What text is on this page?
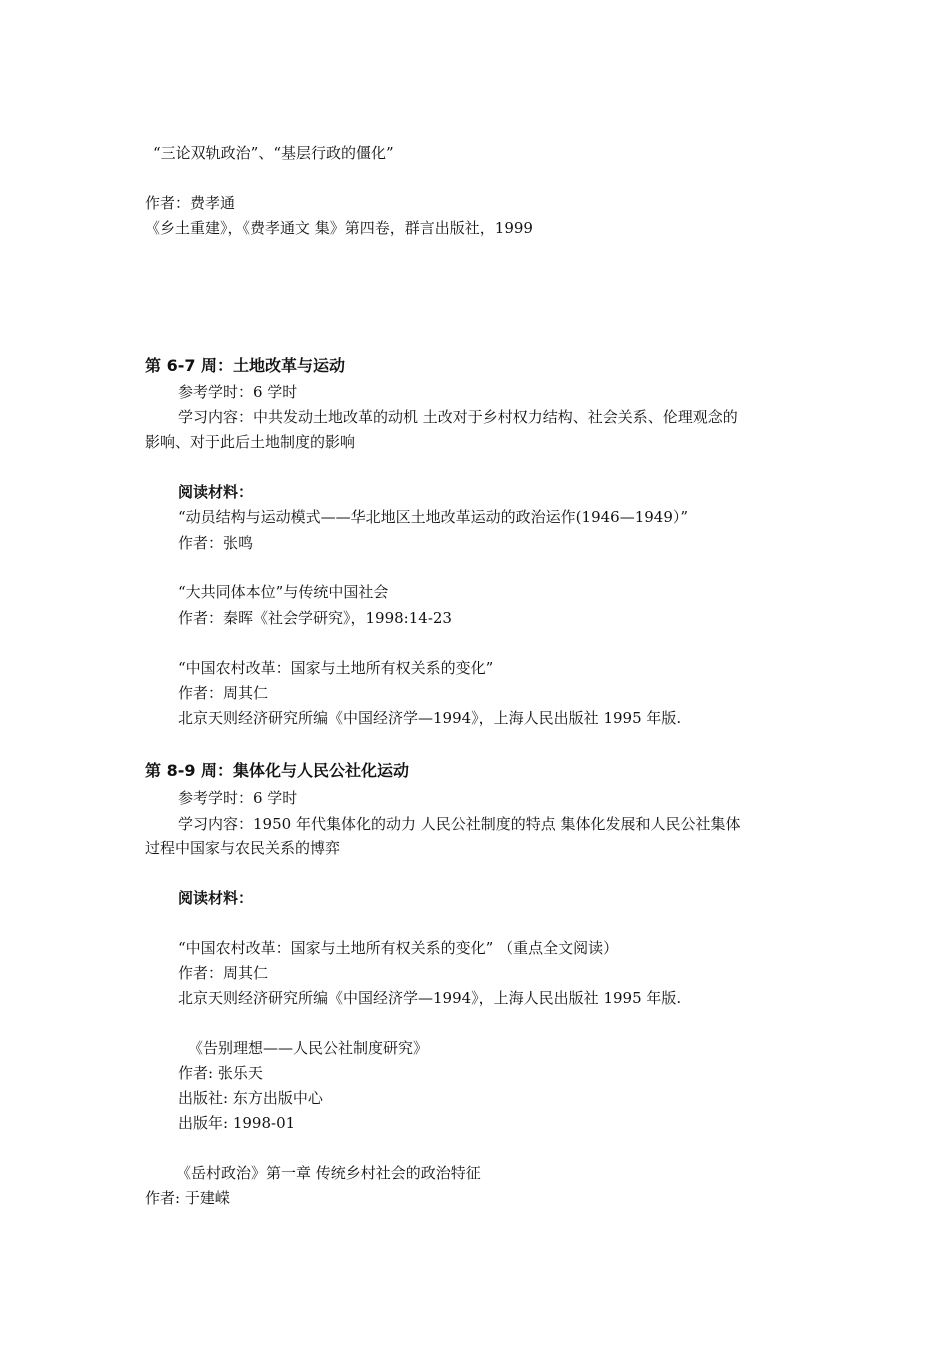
“三论双轨政治”、“基层行政的僵化”
作者：费孝通
《乡土重建》，《费孝通文 集》第四卷，群言出版社，1999
第 6-7 周：土地改革与运动
参考学时：6 学时
学习内容：中共发动土地改革的动机 土改对于乡村权力结构、社会关系、伦理观念的
影响、对于此后土地制度的影响
阅读材料：
“动员结构与运动模式——华北地区土地改革运动的政治运作(1946—1949）”
作者：张鸣
“大共同体本位”与传统中国社会
作者：秦晖《社会学研究》，1998:14-23
“中国农村改革：国家与土地所有权关系的变化”
作者：周其仁
北京天则经济研究所编《中国经济学—1994》，上海人民出版社 1995 年版.
第 8-9 周：集体化与人民公社化运动
参考学时：6 学时
学习内容：1950 年代集体化的动力 人民公社制度的特点 集体化发展和人民公社集体
过程中国家与农民关系的博弈
阅读材料：
“中国农村改革：国家与土地所有权关系的变化” （重点全文阅读）
作者：周其仁
北京天则经济研究所编《中国经济学—1994》，上海人民出版社 1995 年版.
《告别理想——人民公社制度研究》
作者: 张乐天
出版社: 东方出版中心
出版年: 1998-01
《岳村政治》第一章 传统乡村社会的政治特征
作者: 于建嵘
